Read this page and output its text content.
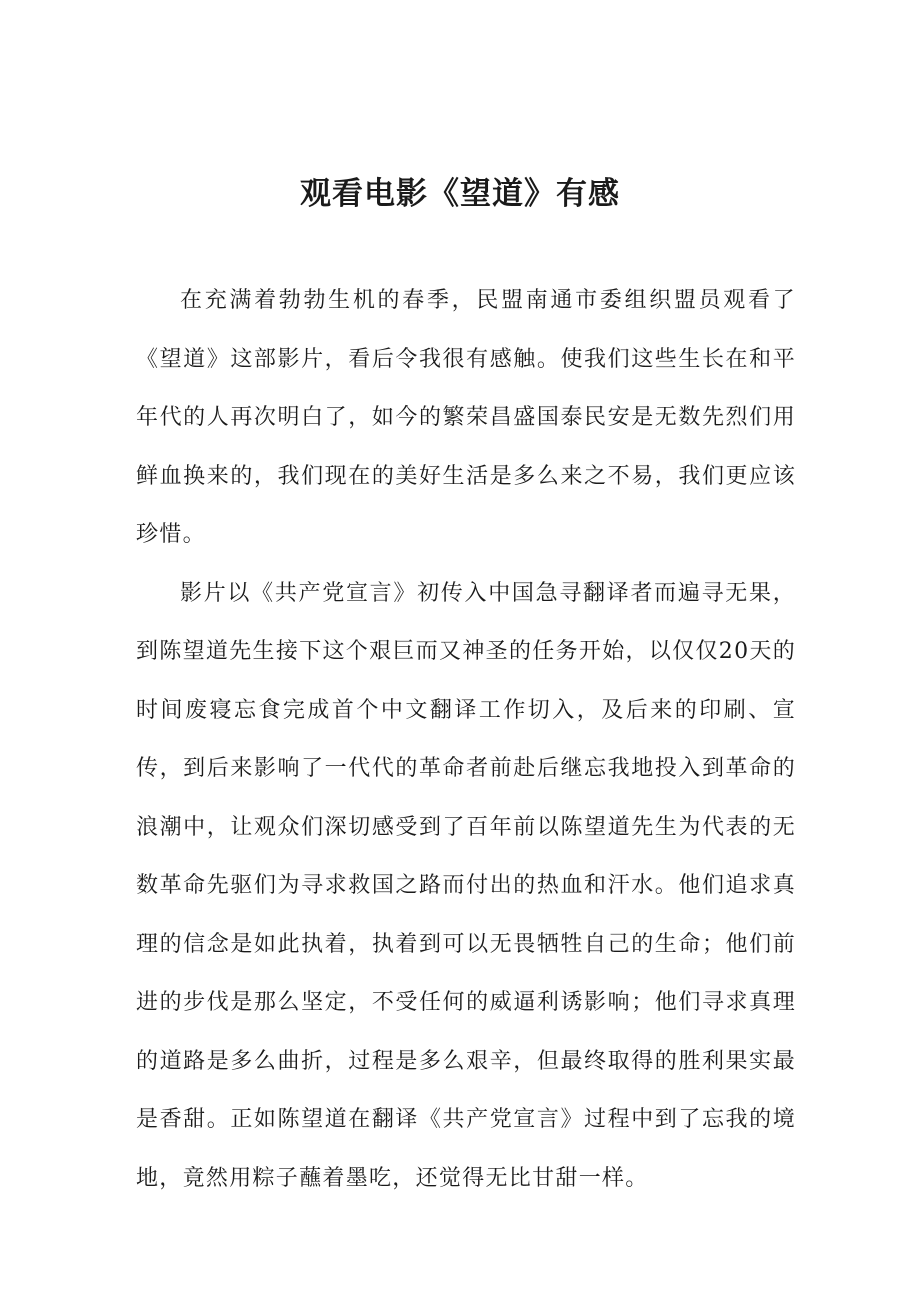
观看电影《望道》有感

在充满着勃勃生机的春季，民盟南通市委组织盟员观看了《望道》这部影片，看后令我很有感触。使我们这些生长在和平年代的人再次明白了，如今的繁荣昌盛国泰民安是无数先烈们用鲜血换来的，我们现在的美好生活是多么来之不易，我们更应该珍惜。

影片以《共产党宣言》初传入中国急寻翻译者而遍寻无果，到陈望道先生接下这个艰巨而又神圣的任务开始，以仅仅20天的时间废寝忘食完成首个中文翻译工作切入，及后来的印刷、宣传，到后来影响了一代代的革命者前赴后继忘我地投入到革命的浪潮中，让观众们深切感受到了百年前以陈望道先生为代表的无数革命先驱们为寻求救国之路而付出的热血和汗水。他们追求真理的信念是如此执着，执着到可以无畏牺牲自己的生命；他们前进的步伐是那么坚定，不受任何的威逼利诱影响；他们寻求真理的道路是多么曲折，过程是多么艰辛，但最终取得的胜利果实最是香甜。正如陈望道在翻译《共产党宣言》过程中到了忘我的境地，竟然用粽子蘸着墨吃，还觉得无比甘甜一样。
